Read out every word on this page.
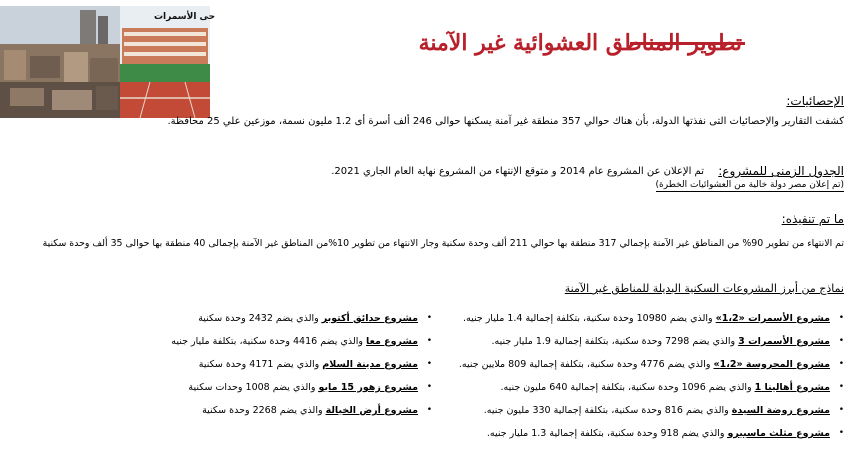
حى الأسمرات
تطوير المناطق العشوائية غير الآمنة
الإحصائيات:
كشفت التقارير والإحصائيات التى نفذتها الدولة، بأن هناك حوالي 357 منطقة غير آمنة يسكنها حوالى 246 ألف أسرة أى 1.2 مليون نسمة، موزعين علي 25 محافظة.
الجدول الزمنى للمشروع:
تم الإعلان عن المشروع عام 2014 و متوقع الإنتهاء من المشروع نهاية العام الجاري 2021.
(تم إعلان مصر دولة خالية من العشوائيات الخطرة)
ما تم تنفيذه:
تم الانتهاء من تطوير 90% من المناطق غير الآمنة بإجمالي 317 منطقة بها حوالي 211 ألف وحدة سكنية وجار الانتهاء من تطوير 10%من المناطق غير الآمنة بإجمالى 40 منطقة بها حوالى 35 ألف وحدة سكنية
نماذج من أبرز المشروعات السكنية البديلة للمناطق غير الآمنة
•
مشروع الأسمرات «1،2» والذي يضم 10980 وحدة سكنية، بتكلفة إجمالية 1.4 مليار جنيه.
•
مشروع الأسمرات 3 والذي يضم 7298 وحدة سكنية، بتكلفة إجمالية 1.9 مليار جنيه.
•
مشروع المحروسة «1،2» والذي يضم 4776 وحدة سكنية، بتكلفة إجمالية 809 ملايين جنيه.
•
مشروع أهالينا 1 والذي يضم 1096 وحدة سكنية، بتكلفة إجمالية 640 مليون جنيه.
•
مشروع روضة السيدة والذي يضم 816 وحدة سكنية، بتكلفة إجمالية 330 مليون جنيه.
•
مشروع مثلث ماسبيرو والذي يضم 918 وحدة سكنية، بتكلفة إجمالية 1.3 مليار جنيه.
•
مشروع حدائق أكتوبر والذي يضم 2432 وحدة سكنية
•
مشروع معا والذي يضم 4416 وحدة سكنية، بتكلفة مليار جنيه
•
مشروع مدينة السلام والذي يضم 4171 وحدة سكنية
•
مشروع زهور 15 مايو والذي يضم 1008 وحدات سكنية
•
مشروع أرض الخيالة والذي يضم 2268 وحدة سكنية
